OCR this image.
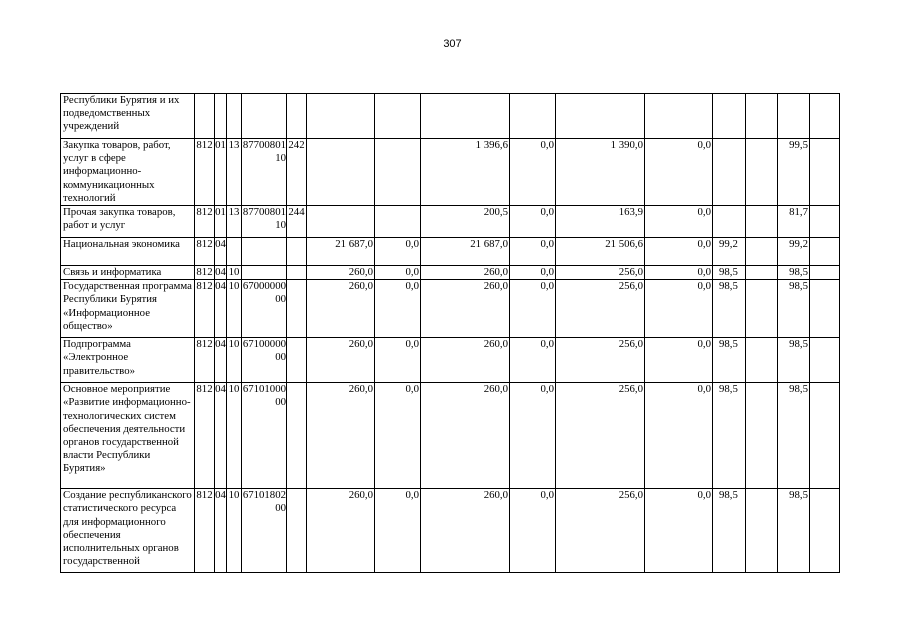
307
Республики Бурятия и их подведомственных учреждений															
Закупка товаров, работ, услуг в сфере информационно-коммуникационных технологий	812	01	13	8770080110	242			1 396,6	0,0	1 390,0	0,0			99,5	
Прочая закупка товаров, работ и услуг	812	01	13	8770080110	244			200,5	0,0	163,9	0,0			81,7	
Национальная экономика	812	04				21 687,0	0,0	21 687,0	0,0	21 506,6	0,0	99,2		99,2	
Связь и информатика	812	04	10			260,0	0,0	260,0	0,0	256,0	0,0	98,5		98,5	
Государственная программа Республики Бурятия «Информационное общество»	812	04	10	6700000000		260,0	0,0	260,0	0,0	256,0	0,0	98,5		98,5	
Подпрограмма «Электронное правительство»	812	04	10	6710000000		260,0	0,0	260,0	0,0	256,0	0,0	98,5		98,5	
Основное мероприятие «Развитие информационно-технологических систем обеспечения деятельности органов государственной власти Республики Бурятия»	812	04	10	6710100000		260,0	0,0	260,0	0,0	256,0	0,0	98,5		98,5	
Создание республиканского статистического ресурса для информационного обеспечения исполнительных органов государственной	812	04	10	6710180200		260,0	0,0	260,0	0,0	256,0	0,0	98,5		98,5	
